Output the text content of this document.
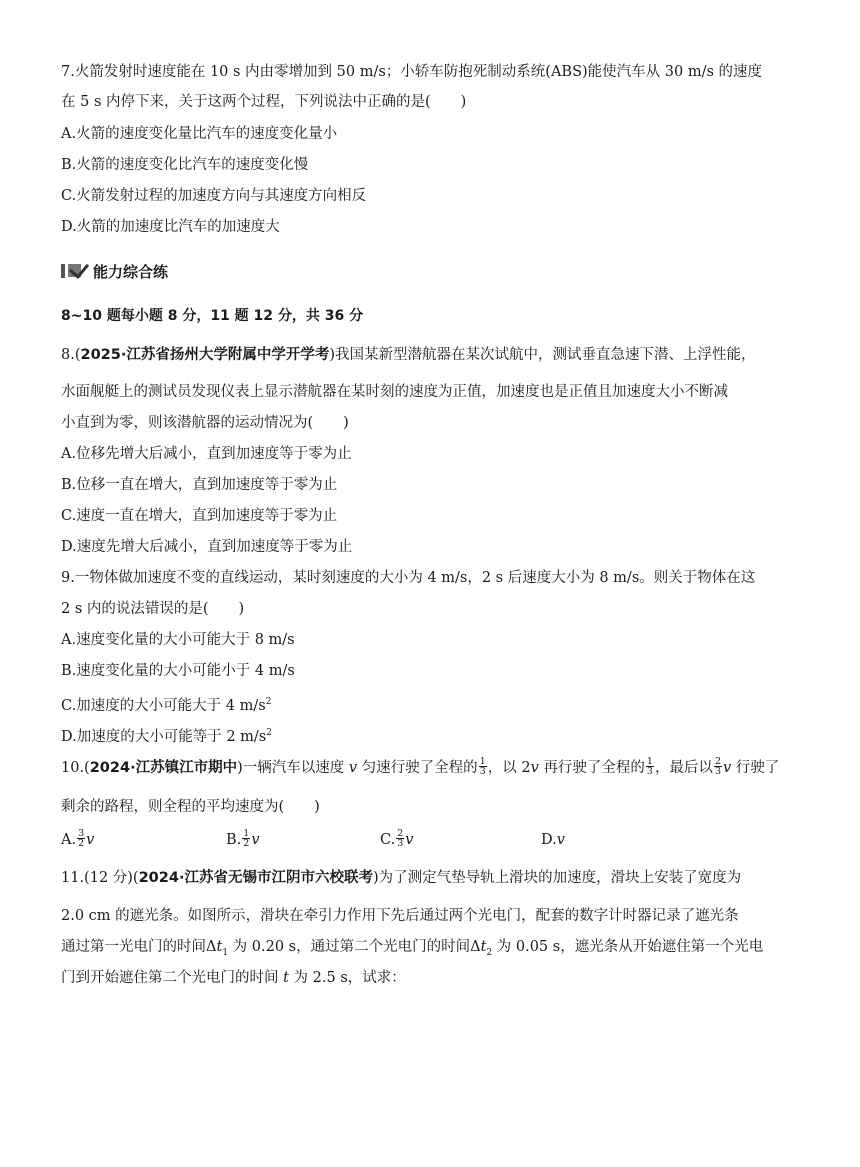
7.火箭发射时速度能在 10 s 内由零增加到 50 m/s；小轿车防抱死制动系统(ABS)能使汽车从 30 m/s 的速度
在 5 s 内停下来，关于这两个过程，下列说法中正确的是( )
A.火箭的速度变化量比汽车的速度变化量小
B.火箭的速度变化比汽车的速度变化慢
C.火箭发射过程的加速度方向与其速度方向相反
D.火箭的加速度比汽车的加速度大
能力综合练
8~10 题每小题 8 分，11 题 12 分，共 36 分
8.(2025·江苏省扬州大学附属中学开学考)我国某新型潜航器在某次试航中，测试垂直急速下潜、上浮性能，
水面舰艇上的测试员发现仪表上显示潜航器在某时刻的速度为正值，加速度也是正值且加速度大小不断减
小直到为零，则该潜航器的运动情况为( )
A.位移先增大后减小，直到加速度等于零为止
B.位移一直在增大，直到加速度等于零为止
C.速度一直在增大，直到加速度等于零为止
D.速度先增大后减小，直到加速度等于零为止
9.一物体做加速度不变的直线运动，某时刻速度的大小为 4 m/s，2 s 后速度大小为 8 m/s。则关于物体在这
2 s 内的说法错误的是( )
A.速度变化量的大小可能大于 8 m/s
B.速度变化量的大小可能小于 4 m/s
C.加速度的大小可能大于 4 $m/s^2$
D.加速度的大小可能等于 2 $m/s^2$
10.(2024·江苏镇江市期中)一辆汽车以速度 v 匀速行驶了全程的 $\frac{1}{3}$ ，以 2v 再行驶了全程的 $\frac{1}{3}$ ，最后以 $\frac{2}{3}$ v 行驶了
剩余的路程，则全程的平均速度为( )
A. $\frac{3}{2}$ v	B. $\frac{1}{2}$ v	C. $\frac{2}{3}$ v	D.v
11.(12 分)(2024·江苏省无锡市江阴市六校联考)为了测定气垫导轨上滑块的加速度，滑块上安装了宽度为
2.0 cm 的遮光条。如图所示，滑块在牵引力作用下先后通过两个光电门，配套的数字计时器记录了遮光条
通过第一光电门的时间$\Delta t_1$ 为 0.20 s，通过第二个光电门的时间$\Delta t_2$ 为 0.05 s，遮光条从开始遮住第一个光电
门到开始遮住第二个光电门的时间 t 为 2.5 s，试求：
